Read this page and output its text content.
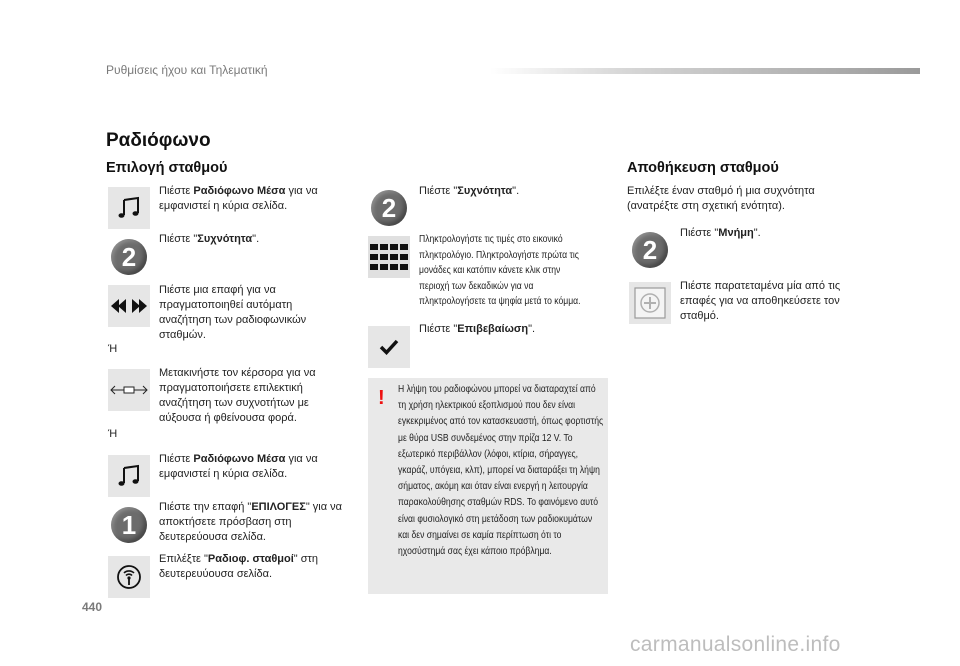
Ρυθμίσεις ήχου και Τηλεματική
Ραδιόφωνο
Επιλογή σταθμού
Πιέστε Ραδιόφωνο Μέσα για να εμφανιστεί η κύρια σελίδα.
2
Πιέστε "Συχνότητα".
Πιέστε μια επαφή για να πραγματοποιηθεί αυτόματη αναζήτηση των ραδιοφωνικών σταθμών.
Ή
Μετακινήστε τον κέρσορα για να πραγματοποιήσετε επιλεκτική αναζήτηση των συχνοτήτων με αύξουσα ή φθείνουσα φορά.
Ή
Πιέστε Ραδιόφωνο Μέσα για να εμφανιστεί η κύρια σελίδα.
1
Πιέστε την επαφή "ΕΠΙΛΟΓΕΣ" για να αποκτήσετε πρόσβαση στη δευτερεύουσα σελίδα.
Επιλέξτε "Ραδιοφ. σταθμοί" στη δευτερευύουσα σελίδα.
2
Πιέστε "Συχνότητα".
Πληκτρολογήστε τις τιμές στο εικονικό πληκτρολόγιο. Πληκτρολογήστε πρώτα τις μονάδες και κατόπιν κάνετε κλικ στην περιοχή των δεκαδικών για να πληκτρολογήσετε τα ψηφία μετά το κόμμα.
Πιέστε "Επιβεβαίωση".
! Η λήψη του ραδιοφώνου μπορεί να διαταραχτεί από τη χρήση ηλεκτρικού εξοπλισμού που δεν είναι εγκεκριμένος από τον κατασκευαστή, όπως φορτιστής με θύρα USB συνδεμένος στην πρίζα 12 V. Το εξωτερικό περιβάλλον (λόφοι, κτίρια, σήραγγες, γκαράζ, υπόγεια, κλπ), μπορεί να διαταράξει τη λήψη σήματος, ακόμη και όταν είναι ενεργή η λειτουργία παρακολούθησης σταθμών RDS. Το φαινόμενο αυτό είναι φυσιολογικό στη μετάδοση των ραδιοκυμάτων και δεν σημαίνει σε καμία περίπτωση ότι το ηχοσύστημά σας έχει κάποιο πρόβλημα.
Αποθήκευση σταθμού
Επιλέξτε έναν σταθμό ή μια συχνότητα (ανατρέξτε στη σχετική ενότητα).
2
Πιέστε "Μνήμη".
Πιέστε παρατεταμένα μία από τις επαφές για να αποθηκεύσετε τον σταθμό.
440
carmanualsonline.info
